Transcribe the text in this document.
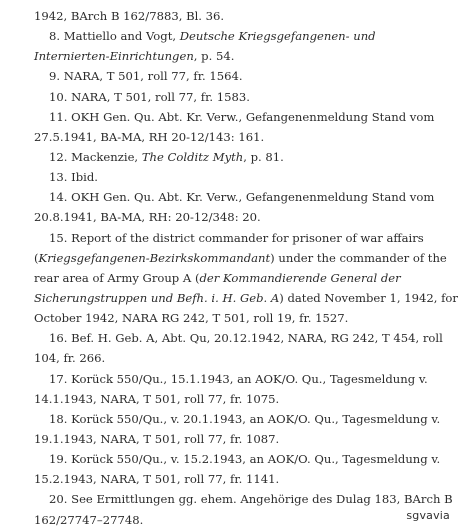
1942, BArch B 162/7883, Bl. 36.
8. Mattiello and Vogt, Deutsche Kriegsgefangenen- und
Internierten-Einrichtungen, p. 54.
9. NARA, T 501, roll 77, fr. 1564.
10. NARA, T 501, roll 77, fr. 1583.
11. OKH Gen. Qu. Abt. Kr. Verw., Gefangenenmeldung Stand vom
27.5.1941, BA-MA, RH 20-12/143: 161.
12. Mackenzie, The Colditz Myth, p. 81.
13. Ibid.
14. OKH Gen. Qu. Abt. Kr. Verw., Gefangenenmeldung Stand vom
20.8.1941, BA-MA, RH: 20-12/348: 20.
15. Report of the district commander for prisoner of war affairs
(Kriegsgefangenen-Bezirkskommandant) under the commander of the
rear area of Army Group A (der Kommandierende General der
Sicherungstruppen und Befh. i. H. Geb. A) dated November 1, 1942, for
October 1942, NARA RG 242, T 501, roll 19, fr. 1527.
16. Bef. H. Geb. A, Abt. Qu, 20.12.1942, NARA, RG 242, T 454, roll
104, fr. 266.
17. Korück 550/Qu., 15.1.1943, an AOK/O. Qu., Tagesmeldung v.
14.1.1943, NARA, T 501, roll 77, fr. 1075.
18. Korück 550/Qu., v. 20.1.1943, an AOK/O. Qu., Tagesmeldung v.
19.1.1943, NARA, T 501, roll 77, fr. 1087.
19. Korück 550/Qu., v. 15.2.1943, an AOK/O. Qu., Tagesmeldung v.
15.2.1943, NARA, T 501, roll 77, fr. 1141.
20. See Ermittlungen gg. ehem. Angehörige des Dulag 183, BArch B
162/27747–27748.	sgvavia
